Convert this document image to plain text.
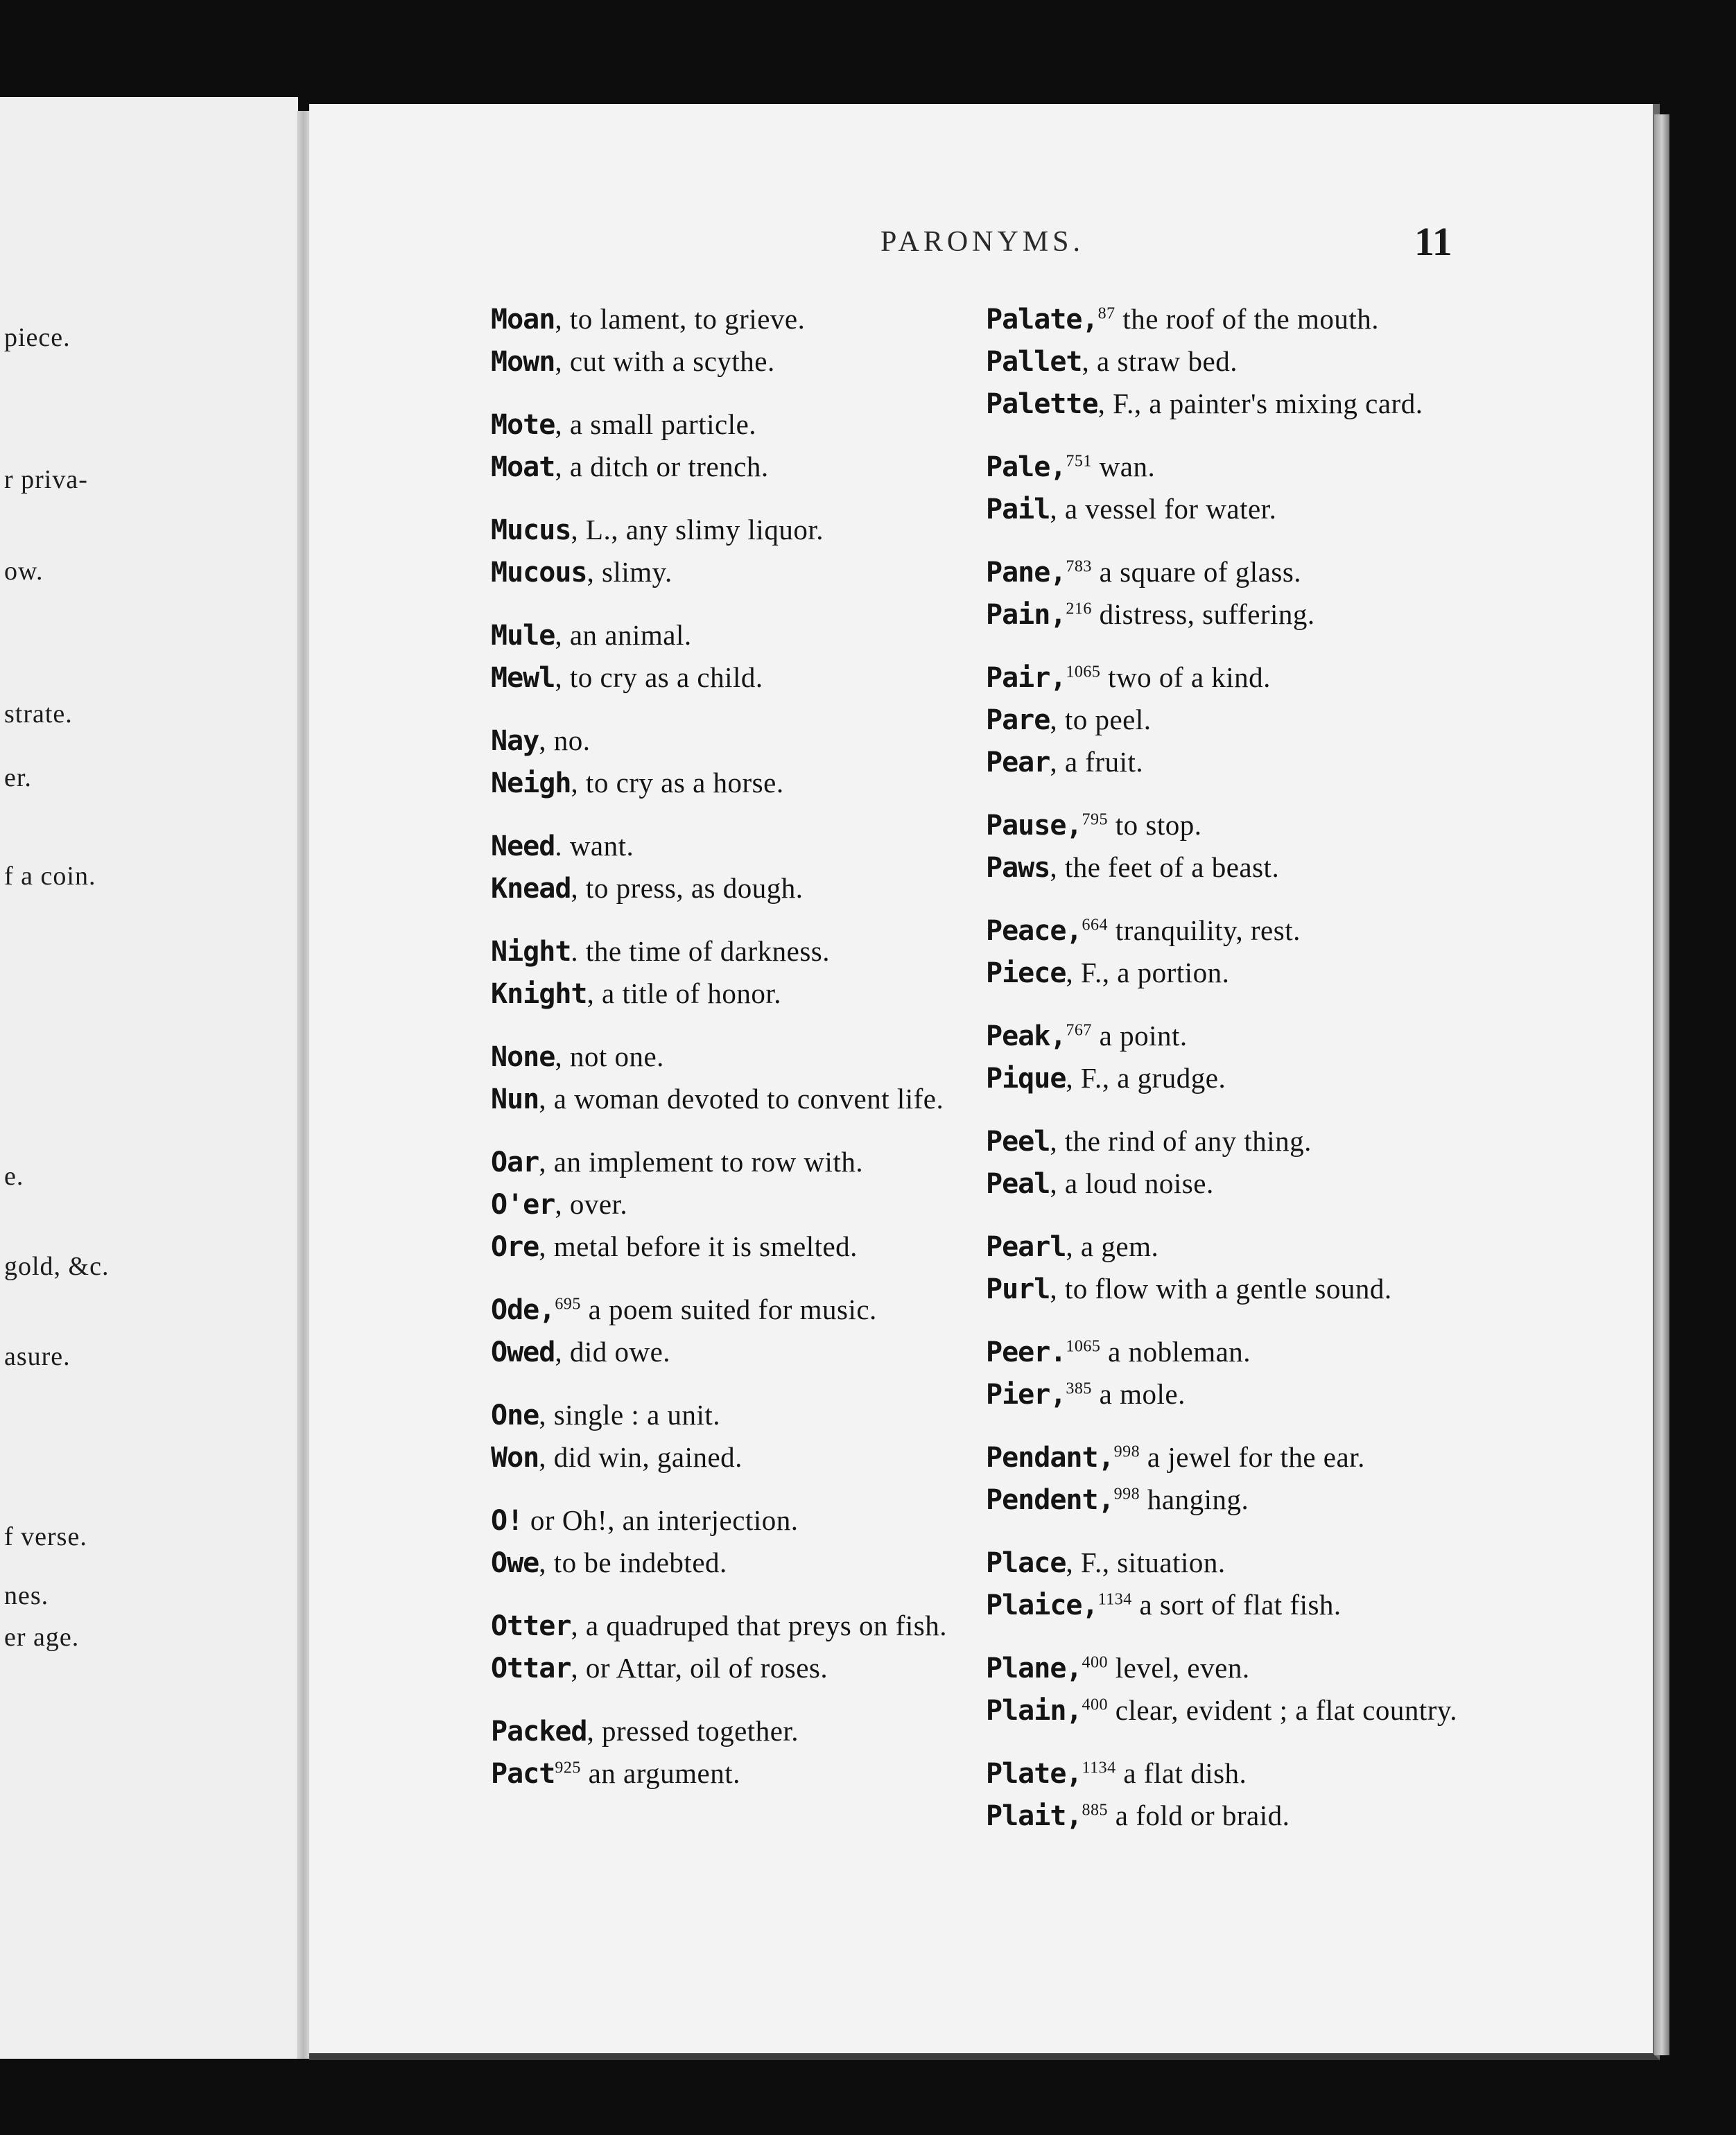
piece.
r priva-
ow.
strate.
er.
f a coin.
e.
gold, &c.
asure.
f verse.
nes.
er age.
PARONYMS.	11

Moan, to lament, to grieve.

Mown, cut with a scythe.

Mote, a small particle.

Moat, a ditch or trench.

Mucus, L., any slimy liquor.

Mucous, slimy.

Mule, an animal.

Mewl, to cry as a child.

Nay, no.

Neigh, to cry as a horse.

Need. want.

Knead, to press, as dough.

Night. the time of darkness.

Knight, a title of honor.

None, not one.

Nun, a woman devoted to convent life.

Oar, an implement to row with.

O'er, over.

Ore, metal before it is smelted.

Ode,$^{695}$ a poem suited for music.

Owed, did owe.

One, single : a unit.

Won, did win, gained.

O! or Oh!, an interjection.

Owe, to be indebted.

Otter, a quadruped that preys on fish.

Ottar, or Attar, oil of roses.

Packed, pressed together.

Pact$^{925}$ an argument.

Palate,$^{87}$ the roof of the mouth.

Pallet, a straw bed.

Palette, F., a painter's mixing card.

Pale,$^{751}$ wan.

Pail, a vessel for water.

Pane,$^{783}$ a square of glass.

Pain,$^{216}$ distress, suffering.

Pair,$^{1065}$ two of a kind.

Pare, to peel.

Pear, a fruit.

Pause,$^{795}$ to stop.

Paws, the feet of a beast.

Peace,$^{664}$ tranquility, rest.

Piece, F., a portion.

Peak,$^{767}$ a point.

Pique, F., a grudge.

Peel, the rind of any thing.

Peal, a loud noise.

Pearl, a gem.

Purl, to flow with a gentle sound.

Peer.$^{1065}$ a nobleman.

Pier,$^{385}$ a mole.

Pendant,$^{998}$ a jewel for the ear.

Pendent,$^{998}$ hanging.

Place, F., situation.

Plaice,$^{1134}$ a sort of flat fish.

Plane,$^{400}$ level, even.

Plain,$^{400}$ clear, evident ; a flat country.

Plate,$^{1134}$ a flat dish.

Plait,$^{885}$ a fold or braid.
